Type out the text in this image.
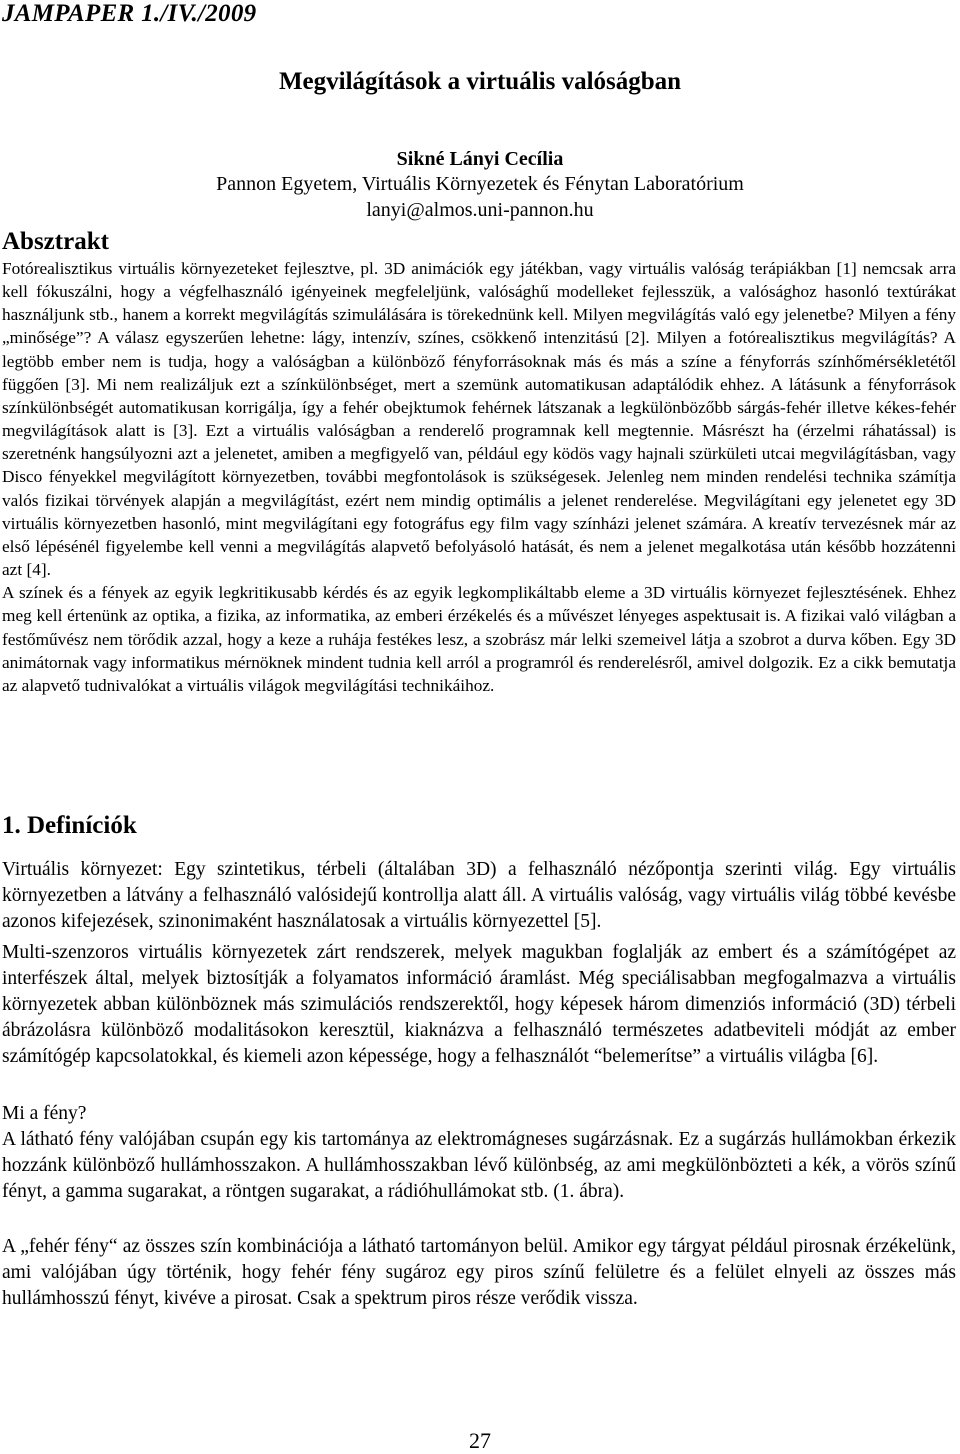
JAMPAPER 1./IV./2009
Megvilágítások a virtuális valóságban
Sikné Lányi Cecília
Pannon Egyetem, Virtuális Környezetek és Fénytan Laboratórium
lanyi@almos.uni-pannon.hu
Absztrakt

Fotórealisztikus virtuális környezeteket fejlesztve, pl. 3D animációk egy játékban, vagy virtuális valóság terápiákban [1] nemcsak arra kell fókuszálni, hogy a végfelhasználó igényeinek megfeleljünk, valósághű modelleket fejlesszük, a valósághoz hasonló textúrákat használjunk stb., hanem a korrekt megvilágítás szimulálására is törekednünk kell. Milyen megvilágítás való egy jelenetbe? Milyen a fény „minősége”? A válasz egyszerűen lehetne: lágy, intenzív, színes, csökkenő intenzitású [2]. Milyen a fotórealisztikus megvilágítás? A legtöbb ember nem is tudja, hogy a valóságban a különböző fényforrásoknak más és más a színe a fényforrás színhőmérsékletétől függően [3]. Mi nem realizáljuk ezt a színkülönbséget, mert a szemünk automatikusan adaptálódik ehhez. A látásunk a fényforrások színkülönbségét automatikusan korrigálja, így a fehér obejktumok fehérnek látszanak a legkülönbözőbb sárgás-fehér illetve kékes-fehér megvilágítások alatt is [3]. Ezt a virtuális valóságban a renderelő programnak kell megtennie. Másrészt ha (érzelmi ráhatással) is szeretnénk hangsúlyozni azt a jelenetet, amiben a megfigyelő van, például egy ködös vagy hajnali szürkületi utcai megvilágításban, vagy Disco fényekkel megvilágított környezetben, további megfontolások is szükségesek. Jelenleg nem minden rendelési technika számítja valós fizikai törvények alapján a megvilágítást, ezért nem mindig optimális a jelenet renderelése. Megvilágítani egy jelenetet egy 3D virtuális környezetben hasonló, mint megvilágítani egy fotográfus egy film vagy színházi jelenet számára. A kreatív tervezésnek már az első lépésénél figyelembe kell venni a megvilágítás alapvető befolyásoló hatását, és nem a jelenet megalkotása után később hozzátenni azt [4].

A színek és a fények az egyik legkritikusabb kérdés és az egyik legkomplikáltabb eleme a 3D virtuális környezet fejlesztésének. Ehhez meg kell értenünk az optika, a fizika, az informatika, az emberi érzékelés és a művészet lényeges aspektusait is. A fizikai való világban a festőművész nem törődik azzal, hogy a keze a ruhája festékes lesz, a szobrász már lelki szemeivel látja a szobrot a durva kőben. Egy 3D animátornak vagy informatikus mérnöknek mindent tudnia kell arról a programról és renderelésről, amivel dolgozik. Ez a cikk bemutatja az alapvető tudnivalókat a virtuális világok megvilágítási technikáihoz.

1. Definíciók

Virtuális környezet: Egy szintetikus, térbeli (általában 3D) a felhasználó nézőpontja szerinti világ. Egy virtuális környezetben a látvány a felhasználó valósidejű kontrollja alatt áll. A virtuális valóság, vagy virtuális világ többé kevésbe azonos kifejezések, szinonimaként használatosak a virtuális környezettel [5].

Multi-szenzoros virtuális környezetek zárt rendszerek, melyek magukban foglalják az embert és a számítógépet az interfészek által, melyek biztosítják a folyamatos információ áramlást. Még speciálisabban megfogalmazva a virtuális környezetek abban különböznek más szimulációs rendszerektől, hogy képesek három dimenziós információ (3D) térbeli ábrázolásra különböző modalitásokon keresztül, kiaknázva a felhasználó természetes adatbeviteli módját az ember számítógép kapcsolatokkal, és kiemeli azon képessége, hogy a felhasználót “belemerítse” a virtuális világba [6].

Mi a fény?

A látható fény valójában csupán egy kis tartománya az elektromágneses sugárzásnak. Ez a sugárzás hullámokban érkezik hozzánk különböző hullámhosszakon. A hullámhosszakban lévő különbség, az ami megkülönbözteti a kék, a vörös színű fényt, a gamma sugarakat, a röntgen sugarakat, a rádióhullámokat stb. (1. ábra).

A „fehér fény“ az összes szín kombinációja a látható tartományon belül. Amikor egy tárgyat például pirosnak érzékelünk, ami valójában úgy történik, hogy fehér fény sugároz egy piros színű felületre és a felület elnyeli az összes más hullámhosszú fényt, kivéve a pirosat. Csak a spektrum piros része verődik vissza.

27
